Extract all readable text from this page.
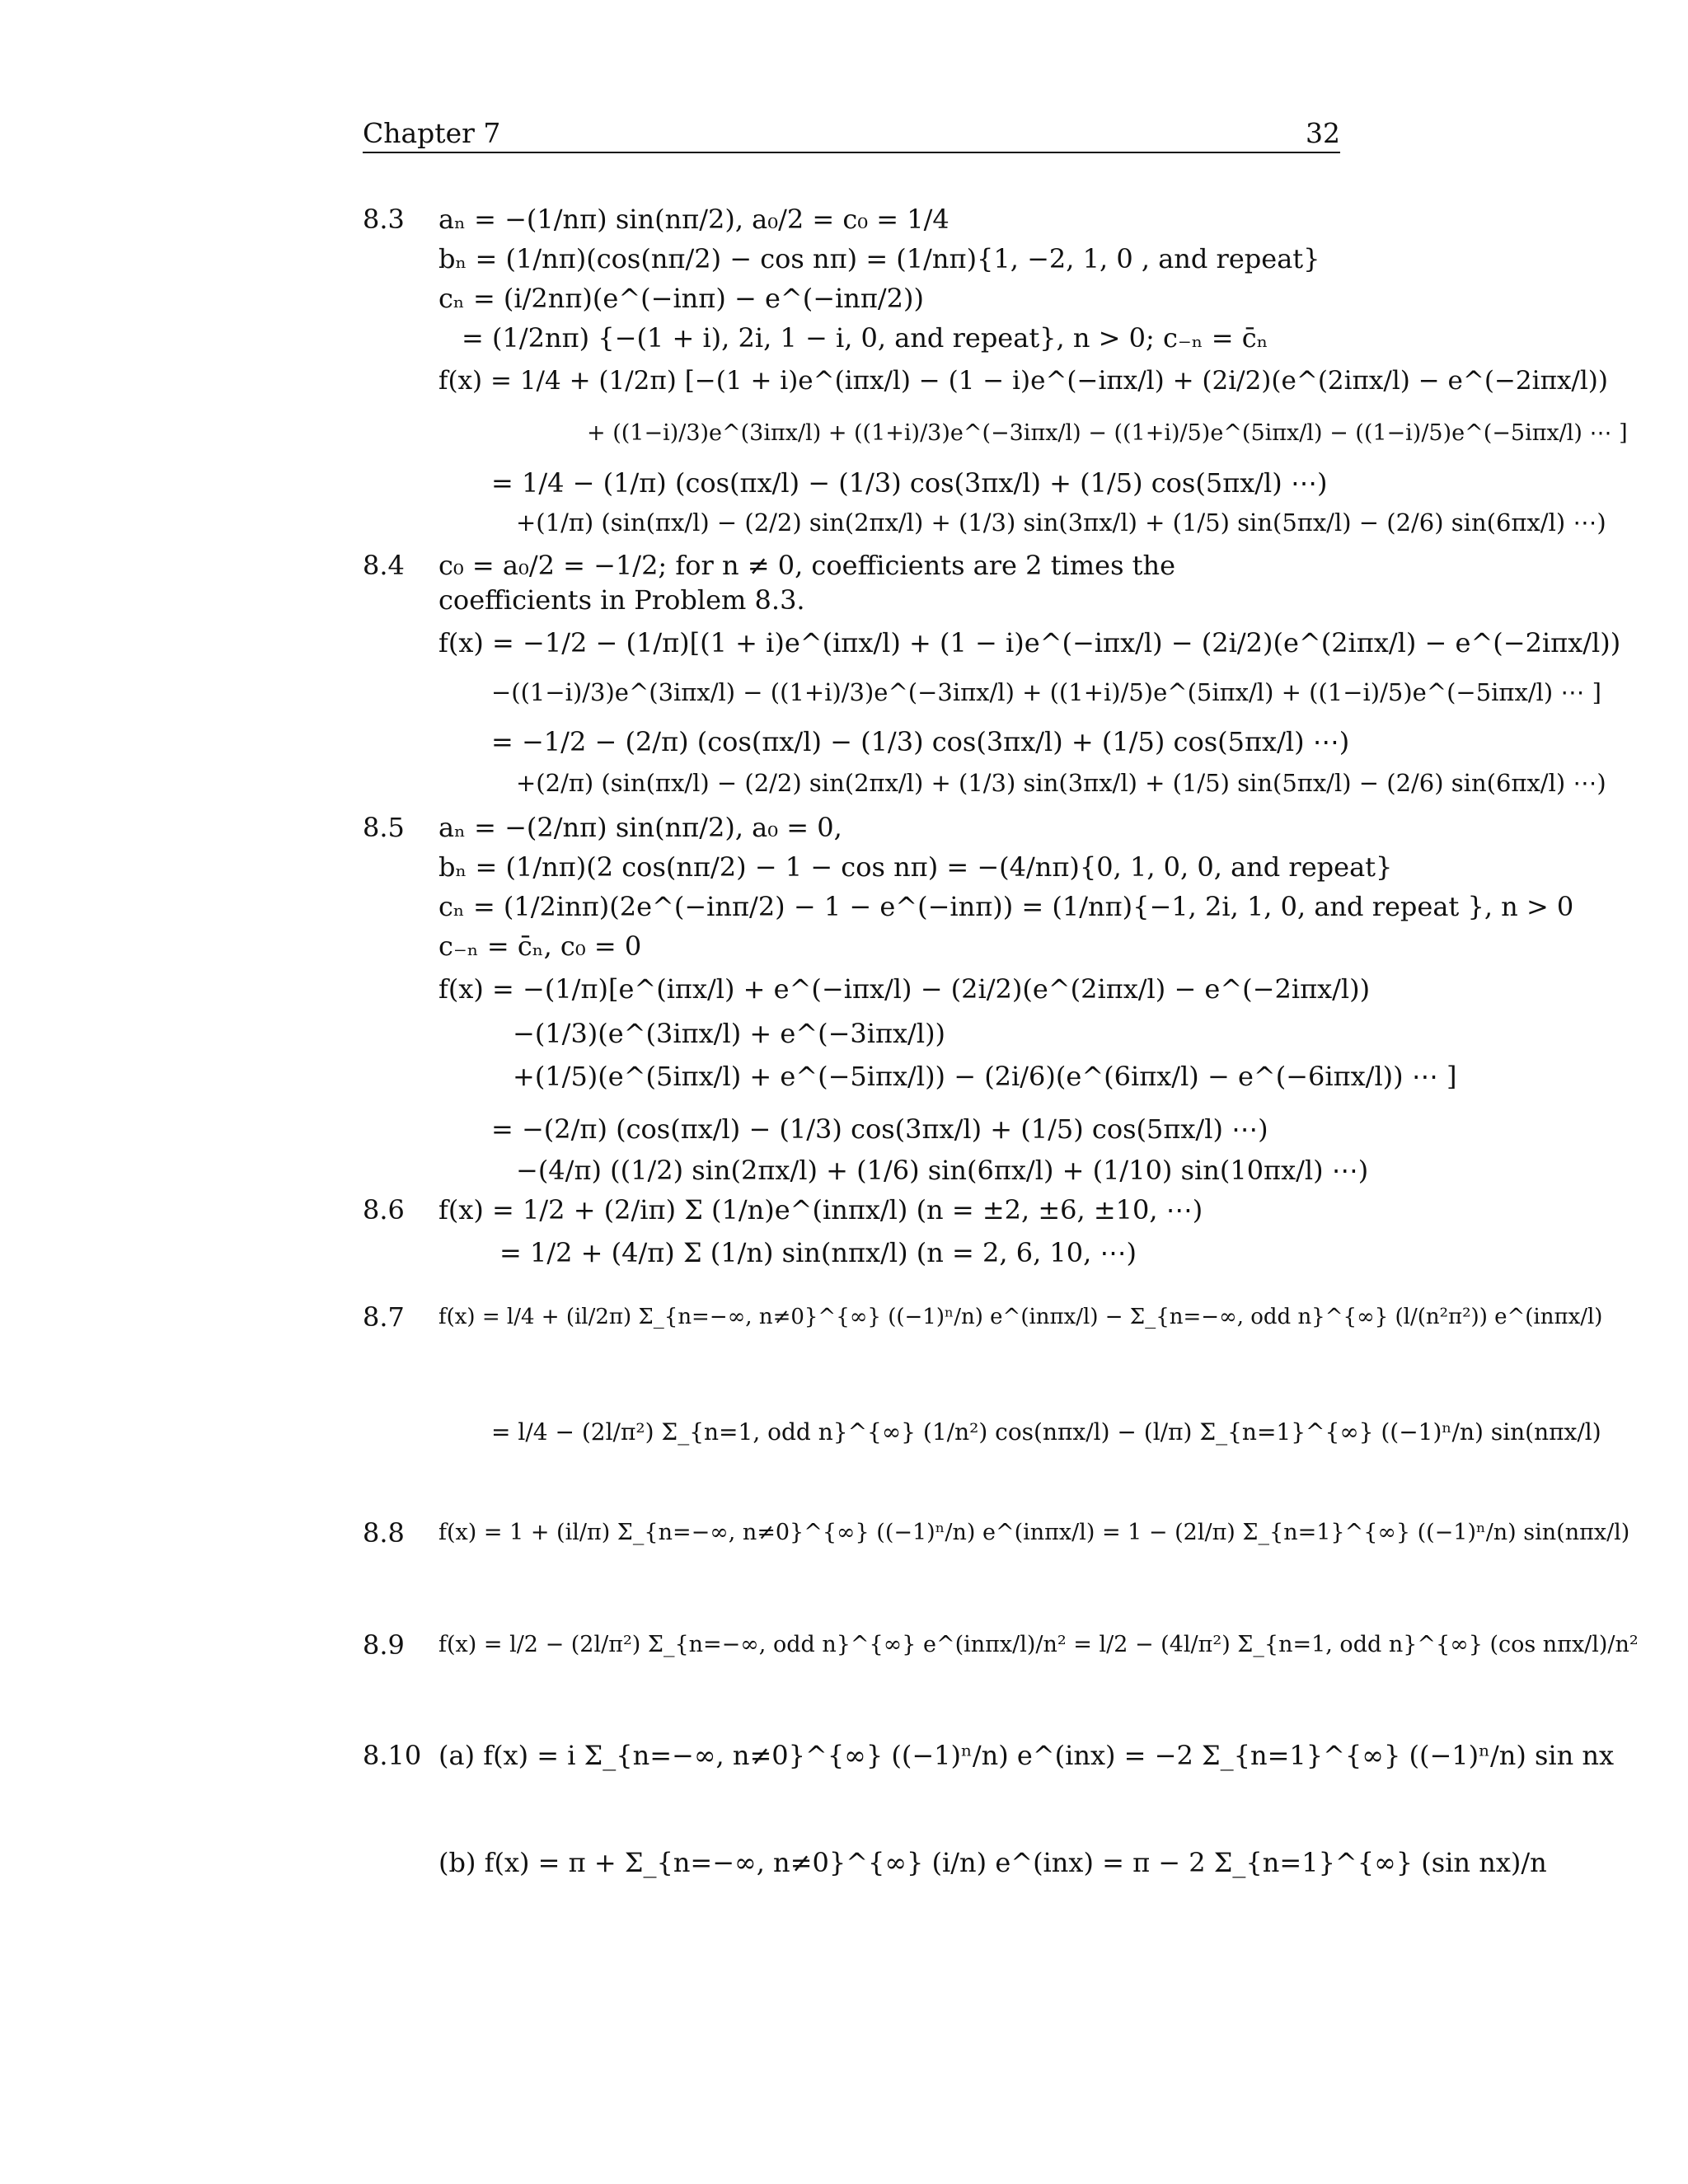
Chapter 7	32
8.3 aₙ = −(1/nπ) sin(nπ/2), a₀/2 = c₀ = 1/4
bₙ = (1/nπ)(cos(nπ/2) − cos nπ) = (1/nπ){1, −2, 1, 0 , and repeat}
cₙ = (i/2nπ)(e^(−inπ) − e^(−inπ/2))
= (1/2nπ) {−(1 + i), 2i, 1 − i, 0, and repeat}, n > 0; c₋ₙ = c̄ₙ
f(x) = 1/4 + (1/2π) [−(1 + i)e^(iπx/l) − (1 − i)e^(−iπx/l) + (2i/2)(e^(2iπx/l) − e^(−2iπx/l))
+ ((1−i)/3)e^(3iπx/l) + ((1+i)/3)e^(−3iπx/l) − ((1+i)/5)e^(5iπx/l) − ((1−i)/5)e^(−5iπx/l) ⋯ ]
= 1/4 − (1/π) (cos(πx/l) − (1/3) cos(3πx/l) + (1/5) cos(5πx/l) ⋯)
+(1/π) (sin(πx/l) − (2/2) sin(2πx/l) + (1/3) sin(3πx/l) + (1/5) sin(5πx/l) − (2/6) sin(6πx/l) ⋯)
8.4 c₀ = a₀/2 = −1/2; for n ≠ 0, coefficients are 2 times the
coefficients in Problem 8.3.
f(x) = −1/2 − (1/π)[(1 + i)e^(iπx/l) + (1 − i)e^(−iπx/l) − (2i/2)(e^(2iπx/l) − e^(−2iπx/l))
−((1−i)/3)e^(3iπx/l) − ((1+i)/3)e^(−3iπx/l) + ((1+i)/5)e^(5iπx/l) + ((1−i)/5)e^(−5iπx/l) ⋯ ]
= −1/2 − (2/π) (cos(πx/l) − (1/3) cos(3πx/l) + (1/5) cos(5πx/l) ⋯)
+(2/π) (sin(πx/l) − (2/2) sin(2πx/l) + (1/3) sin(3πx/l) + (1/5) sin(5πx/l) − (2/6) sin(6πx/l) ⋯)
8.5 aₙ = −(2/nπ) sin(nπ/2), a₀ = 0,
bₙ = (1/nπ)(2 cos(nπ/2) − 1 − cos nπ) = −(4/nπ){0, 1, 0, 0, and repeat}
cₙ = (1/2inπ)(2e^(−inπ/2) − 1 − e^(−inπ)) = (1/nπ){−1, 2i, 1, 0, and repeat }, n > 0
c₋ₙ = c̄ₙ, c₀ = 0
f(x) = −(1/π)[e^(iπx/l) + e^(−iπx/l) − (2i/2)(e^(2iπx/l) − e^(−2iπx/l))
−(1/3)(e^(3iπx/l) + e^(−3iπx/l))
+(1/5)(e^(5iπx/l) + e^(−5iπx/l)) − (2i/6)(e^(6iπx/l) − e^(−6iπx/l)) ⋯ ]
= −(2/π) (cos(πx/l) − (1/3) cos(3πx/l) + (1/5) cos(5πx/l) ⋯)
−(4/π) ((1/2) sin(2πx/l) + (1/6) sin(6πx/l) + (1/10) sin(10πx/l) ⋯)
8.6 f(x) = 1/2 + (2/iπ) Σ (1/n)e^(inπx/l) (n = ±2, ±6, ±10, ⋯)
= 1/2 + (4/π) Σ (1/n) sin(nπx/l) (n = 2, 6, 10, ⋯)
8.7 f(x) = l/4 + (il/2π) Σ_{n=−∞, n≠0}^{∞} ((−1)ⁿ/n) e^(inπx/l) − Σ_{n=−∞, odd n}^{∞} (l/(n²π²)) e^(inπx/l)
= l/4 − (2l/π²) Σ_{n=1, odd n}^{∞} (1/n²) cos(nπx/l) − (l/π) Σ_{n=1}^{∞} ((−1)ⁿ/n) sin(nπx/l)
8.8 f(x) = 1 + (il/π) Σ_{n=−∞, n≠0}^{∞} ((−1)ⁿ/n) e^(inπx/l) = 1 − (2l/π) Σ_{n=1}^{∞} ((−1)ⁿ/n) sin(nπx/l)
8.9 f(x) = l/2 − (2l/π²) Σ_{n=−∞, odd n}^{∞} e^(inπx/l)/n² = l/2 − (4l/π²) Σ_{n=1, odd n}^{∞} (cos nπx/l)/n²
8.10 (a) f(x) = i Σ_{n=−∞, n≠0}^{∞} ((−1)ⁿ/n) e^(inx) = −2 Σ_{n=1}^{∞} ((−1)ⁿ/n) sin nx
(b) f(x) = π + Σ_{n=−∞, n≠0}^{∞} (i/n) e^(inx) = π − 2 Σ_{n=1}^{∞} (sin nx)/n
